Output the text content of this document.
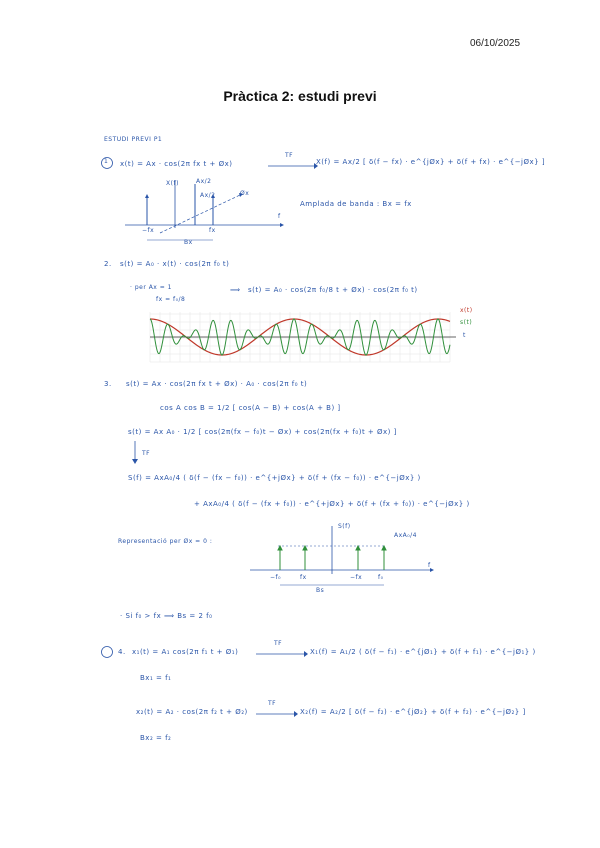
06/10/2025
Pràctica 2: estudi previ
ESTUDI PREVI P1
1 x(t) = Ax · cos(2π fx t + Øx)
TF
X(f) = Ax/2 [ δ(f − fx) · e^{jØx} + δ(f + fx) · e^{−jØx} ]
X(f)	Ax/2
Ax/2	Øx
−fx	fx
f
Bx
Amplada de banda : Bx = fx
2. s(t) = A₀ · x(t) · cos(2π f₀ t)
· per Ax = 1
fx = f₀/8
⟹ s(t) = A₀ · cos(2π f₀/8 t + Øx) · cos(2π f₀ t)
x(t)
s(t)
t
3. s(t) = Ax · cos(2π fx t + Øx) · A₀ · cos(2π f₀ t)
cos A cos B = 1/2 [ cos(A − B) + cos(A + B) ]
s(t) = Ax A₀ · 1/2 [ cos(2π(fx − f₀)t − Øx) + cos(2π(fx + f₀)t + Øx) ]
TF
S(f) = AxA₀/4 ( δ(f − (fx − f₀)) · e^{+jØx} + δ(f + (fx − f₀)) · e^{−jØx} )
+ AxA₀/4 ( δ(f − (fx + f₀)) · e^{+jØx} + δ(f + (fx + f₀)) · e^{−jØx} )
Representació per Øx = 0 :
S(f)
AxA₀/4
−f₀	fx	−fx	f₀
f
Bs
· Si f₀ > fx ⟹ Bs = 2 f₀
4. x₁(t) = A₁ cos(2π f₁ t + Ø₁)
TF
X₁(f) = A₁/2 ( δ(f − f₁) · e^{jØ₁} + δ(f + f₁) · e^{−jØ₁} )
Bx₁ = f₁
x₂(t) = A₂ · cos(2π f₂ t + Ø₂)
TF
X₂(f) = A₂/2 [ δ(f − f₂) · e^{jØ₂} + δ(f + f₂) · e^{−jØ₂} ]
Bx₂ = f₂
